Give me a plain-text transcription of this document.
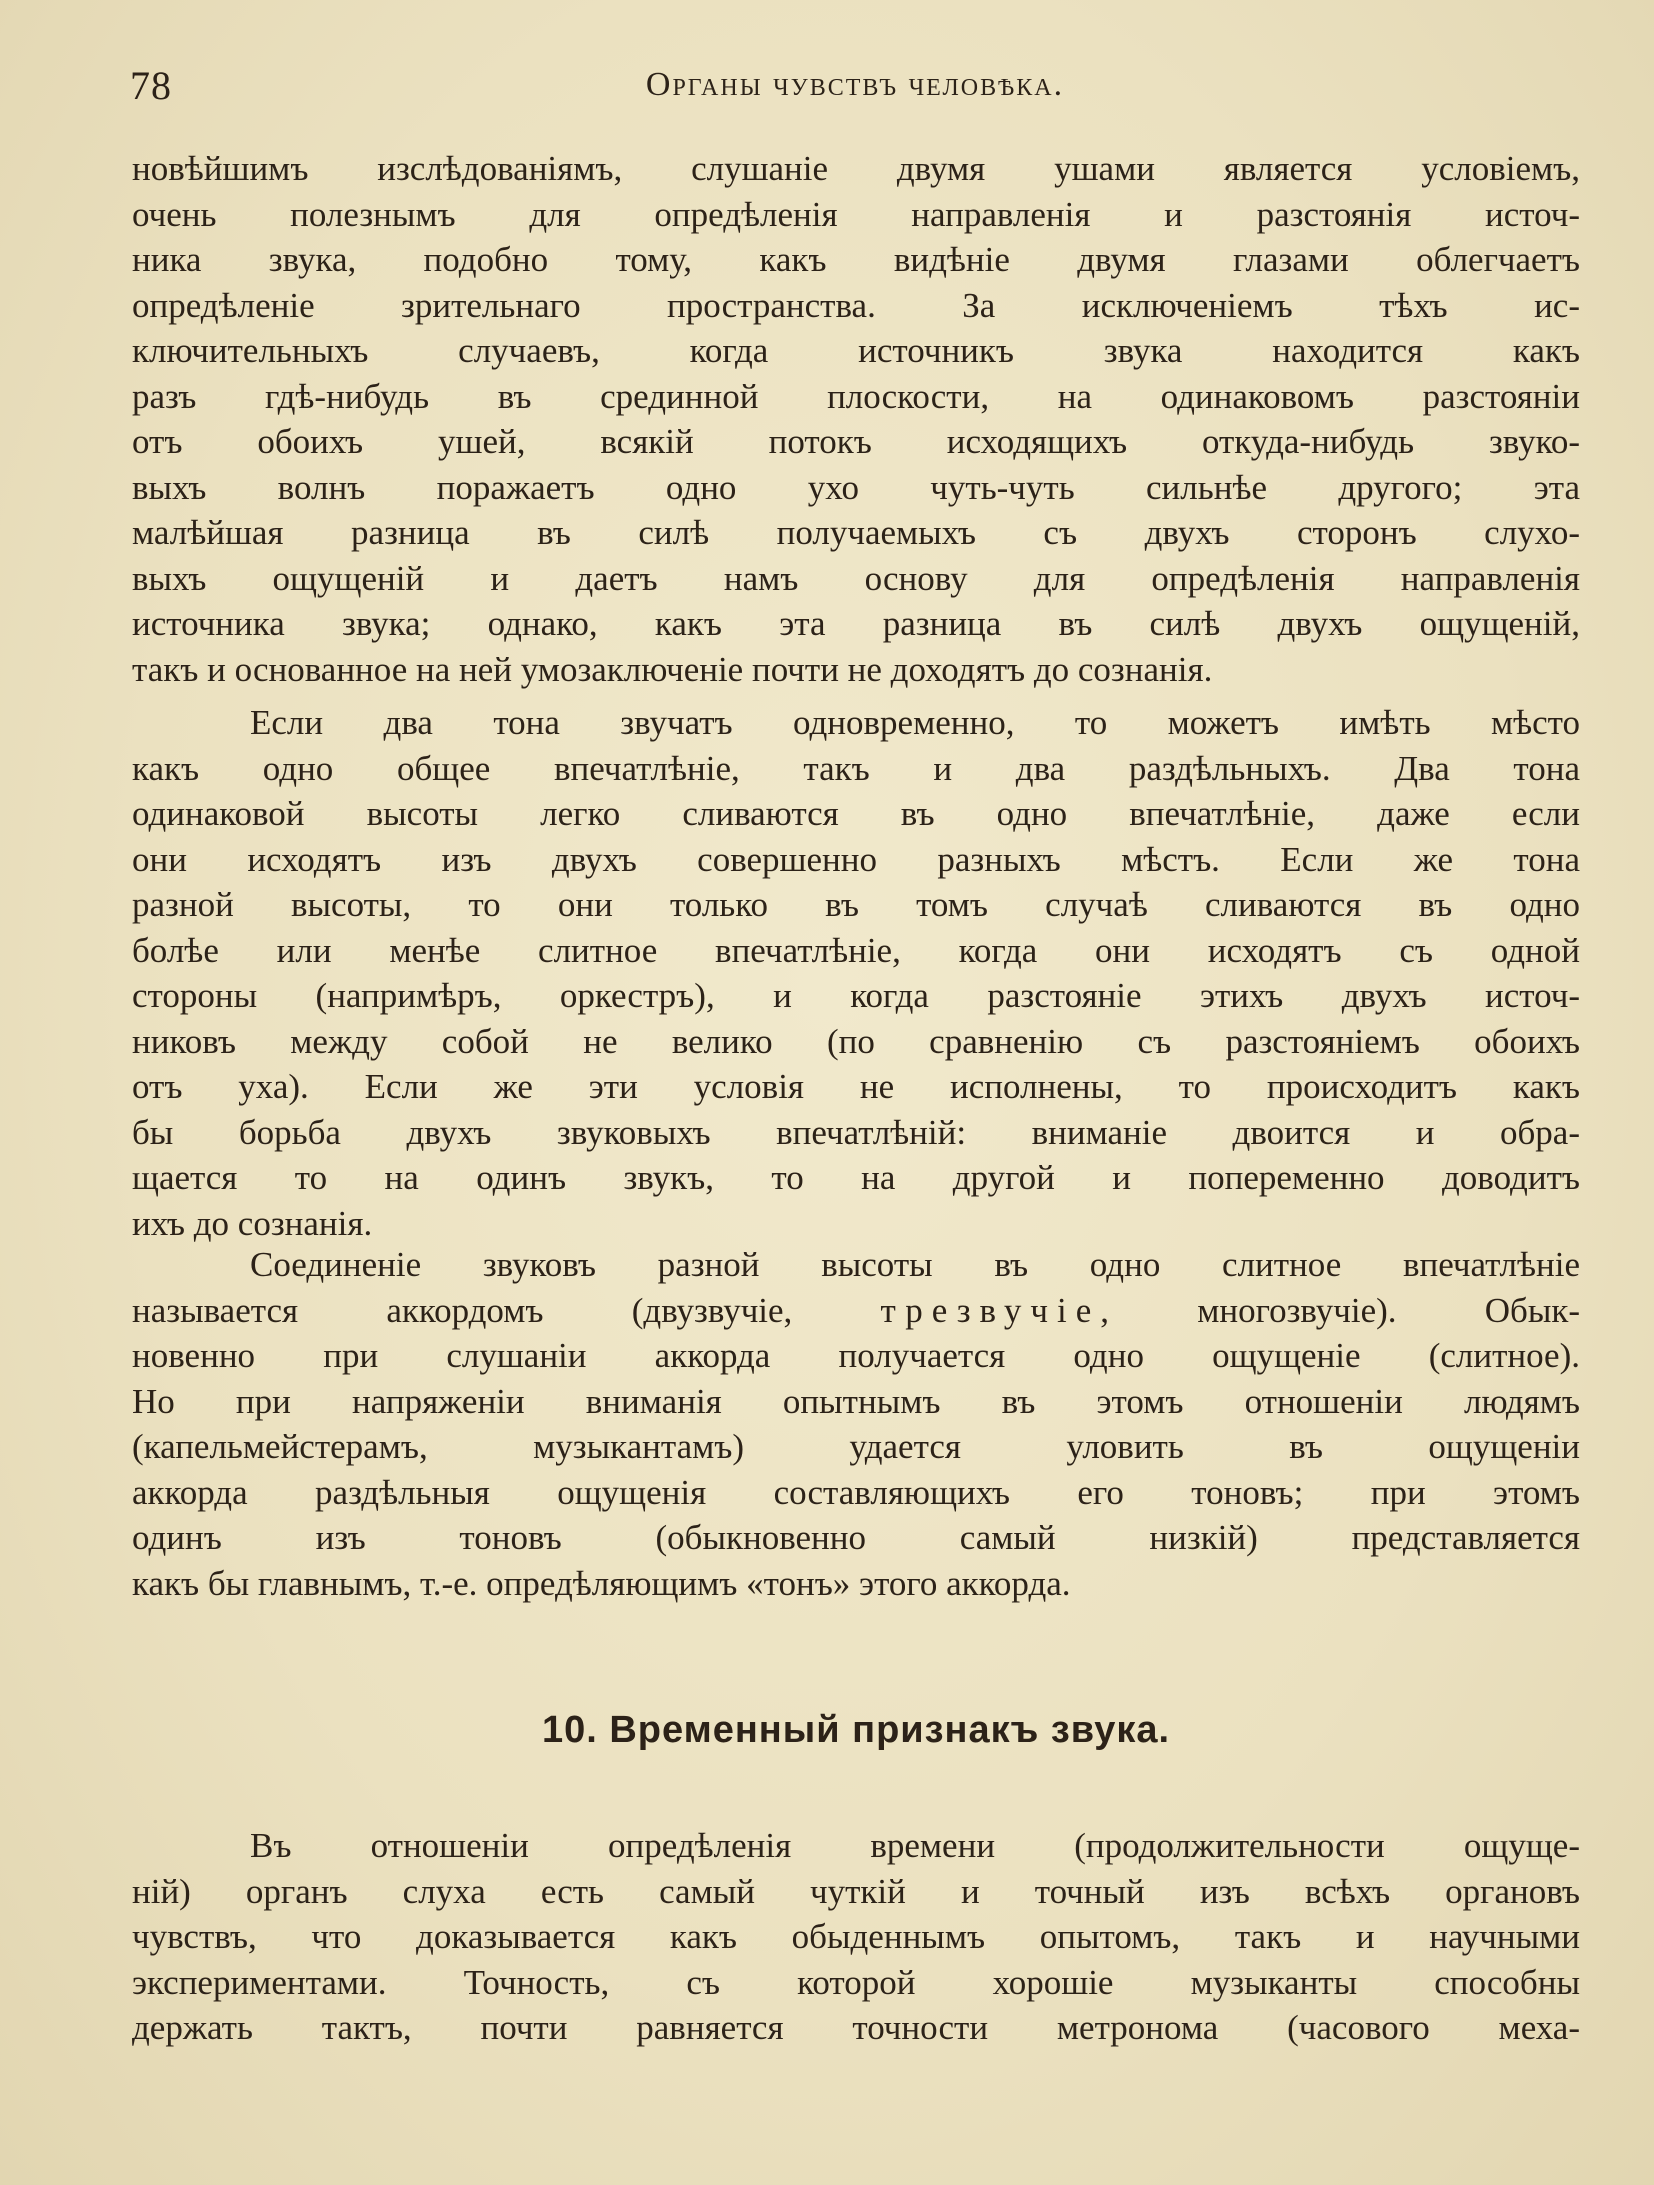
78	Органы чувствъ человѣка.

новѣйшимъ изслѣдованіямъ, слушаніе двумя ушами является условіемъ,

очень полезнымъ для опредѣленія направленія и разстоянія источ-

ника звука, подобно тому, какъ видѣніе двумя глазами облегчаетъ

опредѣленіе зрительнаго пространства. За исключеніемъ тѣхъ ис-

ключительныхъ случаевъ, когда источникъ звука находится какъ

разъ гдѣ-нибудь въ срединной плоскости, на одинаковомъ разстояніи

отъ обоихъ ушей, всякій потокъ исходящихъ откуда-нибудь звуко-

выхъ волнъ поражаетъ одно ухо чуть-чуть сильнѣе другого; эта

малѣйшая разница въ силѣ получаемыхъ съ двухъ сторонъ слухо-

выхъ ощущеній и даетъ намъ основу для опредѣленія направленія

источника звука; однако, какъ эта разница въ силѣ двухъ ощущеній,

такъ и основанное на ней умозаключеніе почти не доходятъ до сознанія.

Если два тона звучатъ одновременно, то можетъ имѣть мѣсто

какъ одно общее впечатлѣніе, такъ и два раздѣльныхъ. Два тона

одинаковой высоты легко сливаются въ одно впечатлѣніе, даже если

они исходятъ изъ двухъ совершенно разныхъ мѣстъ. Если же тона

разной высоты, то они только въ томъ случаѣ сливаются въ одно

болѣе или менѣе слитное впечатлѣніе, когда они исходятъ съ одной

стороны (напримѣръ, оркестръ), и когда разстояніе этихъ двухъ источ-

никовъ между собой не велико (по сравненію съ разстояніемъ обоихъ

отъ уха). Если же эти условія не исполнены, то происходитъ какъ

бы борьба двухъ звуковыхъ впечатлѣній: вниманіе двоится и обра-

щается то на одинъ звукъ, то на другой и попеременно доводитъ

ихъ до сознанія.

Соединеніе звуковъ разной высоты въ одно слитное впечатлѣніе

называется аккордомъ (двузвучіе, трезвучіе, многозвучіе). Обык-

новенно при слушаніи аккорда получается одно ощущеніе (слитное).

Но при напряженіи вниманія опытнымъ въ этомъ отношеніи людямъ

(капельмейстерамъ, музыкантамъ) удается уловить въ ощущеніи

аккорда раздѣльныя ощущенія составляющихъ его тоновъ; при этомъ

одинъ изъ тоновъ (обыкновенно самый низкій) представляется

какъ бы главнымъ, т.-е. опредѣляющимъ «тонъ» этого аккорда.

10. Временный признакъ звука.

Въ отношеніи опредѣленія времени (продолжительности ощуще-

ній) органъ слуха есть самый чуткій и точный изъ всѣхъ органовъ

чувствъ, что доказывается какъ обыденнымъ опытомъ, такъ и научными

экспериментами. Точность, съ которой хорошіе музыканты способны

держать тактъ, почти равняется точности метронома (часового меха-
